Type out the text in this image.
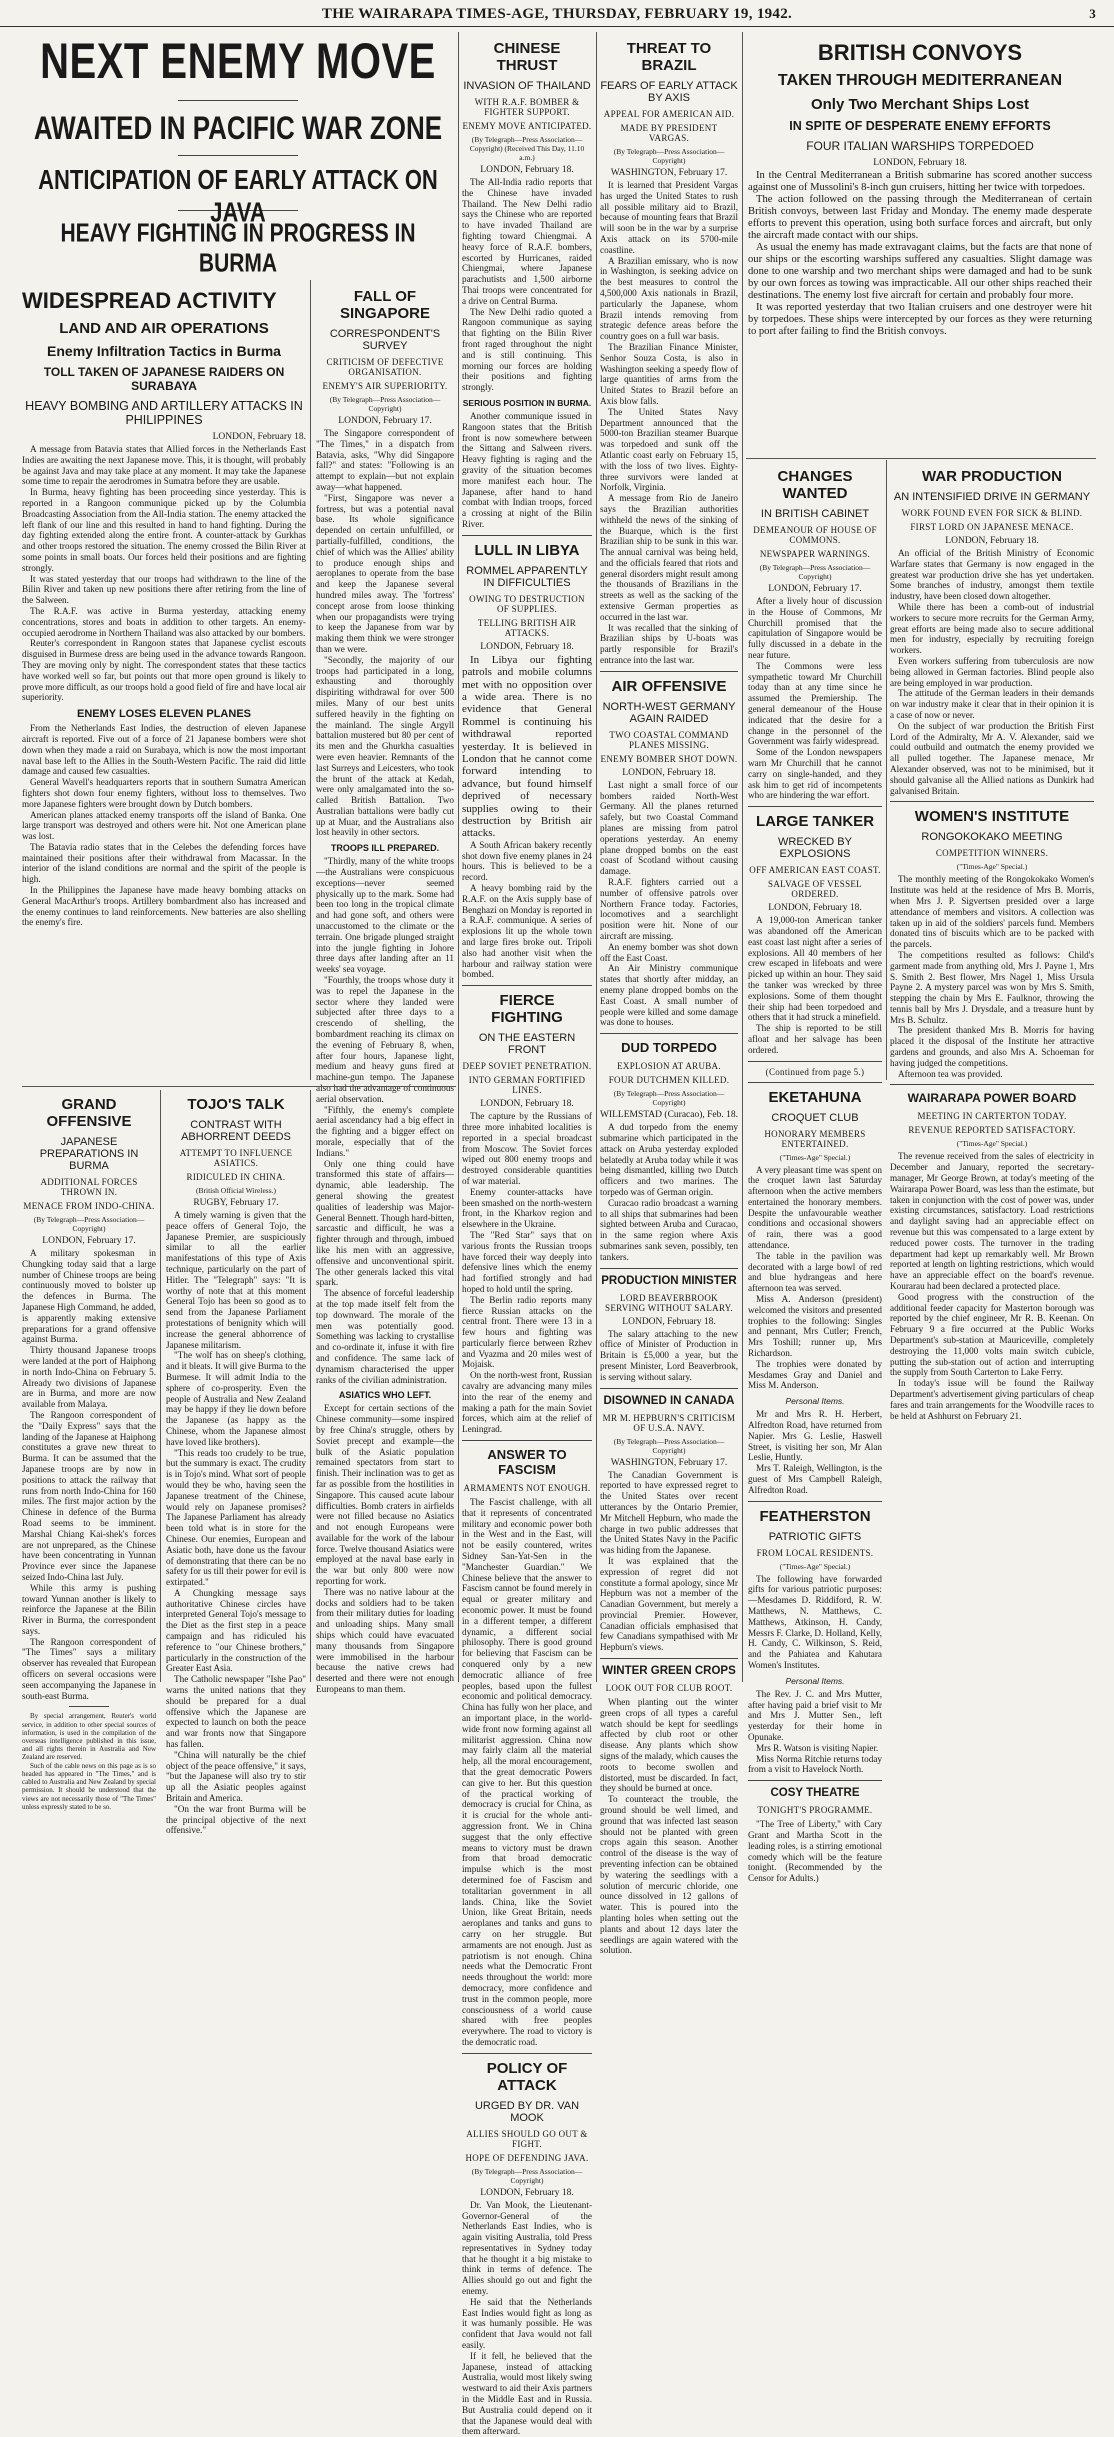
THE WAIRARAPA TIMES-AGE, THURSDAY, FEBRUARY 19, 1942.	3

NEXT ENEMY MOVE

AWAITED IN PACIFIC WAR ZONE

ANTICIPATION OF EARLY ATTACK ON JAVA

HEAVY FIGHTING IN PROGRESS IN BURMA

WIDESPREAD ACTIVITY

LAND AND AIR OPERATIONS

Enemy Infiltration Tactics in Burma

TOLL TAKEN OF JAPANESE RAIDERS ON SURABAYA

HEAVY BOMBING AND ARTILLERY ATTACKS IN PHILIPPINES

LONDON, February 18.

A message from Batavia states that Allied forces in the Netherlands East Indies are awaiting the next Japanese move. This, it is thought, will probably be against Java and may take place at any moment. It may take the Japanese some time to repair the aerodromes in Sumatra before they are usable.

In Burma, heavy fighting has been proceeding since yesterday. This is reported in a Rangoon communique picked up by the Columbia Broadcasting Association from the All-India station. The enemy attacked the left flank of our line and this resulted in hand to hand fighting. During the day fighting extended along the entire front. A counter-attack by Gurkhas and other troops restored the situation. The enemy crossed the Bilin River at some points in small boats. Our forces held their positions and are fighting strongly.

It was stated yesterday that our troops had withdrawn to the line of the Bilin River and taken up new positions there after retiring from the line of the Salween.

The R.A.F. was active in Burma yesterday, attacking enemy concentrations, stores and boats in addition to other targets. An enemy-occupied aerodrome in Northern Thailand was also attacked by our bombers.

Reuter's correspondent in Rangoon states that Japanese cyclist escouts disguised in Burmese dress are being used in the advance towards Rangoon. They are moving only by night. The correspondent states that these tactics have worked well so far, but points out that more open ground is likely to prove more difficult, as our troops hold a good field of fire and have local air superiority.

ENEMY LOSES ELEVEN PLANES

From the Netherlands East Indies, the destruction of eleven Japanese aircraft is reported. Five out of a force of 21 Japanese bombers were shot down when they made a raid on Surabaya, which is now the most important naval base left to the Allies in the South-Western Pacific. The raid did little damage and caused few casualties.

General Wavell's headquarters reports that in southern Sumatra American fighters shot down four enemy fighters, without loss to themselves. Two more Japanese fighters were brought down by Dutch bombers.

American planes attacked enemy transports off the island of Banka. One large transport was destroyed and others were hit. Not one American plane was lost.

The Batavia radio states that in the Celebes the defending forces have maintained their positions after their withdrawal from Macassar. In the interior of the island conditions are normal and the spirit of the people is high.

In the Philippines the Japanese have made heavy bombing attacks on General MacArthur's troops. Artillery bombardment also has increased and the enemy continues to land reinforcements. New batteries are also shelling the enemy's fire.

FALL OF SINGAPORE

CORRESPONDENT'S SURVEY

CRITICISM OF DEFECTIVE ORGANISATION.

ENEMY'S AIR SUPERIORITY.

(By Telegraph—Press Association—Copyright)

LONDON, February 17.

The Singapore correspondent of "The Times," in a dispatch from Batavia, asks, "Why did Singapore fall?" and states: "Following is an attempt to explain—but not explain away—what happened.

"First, Singapore was never a fortress, but was a potential naval base. Its whole significance depended on certain unfulfilled, or partially-fulfilled, conditions, the chief of which was the Allies' ability to produce enough ships and aeroplanes to operate from the base and keep the Japanese several hundred miles away. The 'fortress' concept arose from loose thinking when our propagandists were trying to keep the Japanese from war by making them think we were stronger than we were.

"Secondly, the majority of our troops had participated in a long, exhausting and thoroughly dispiriting withdrawal for over 500 miles. Many of our best units suffered heavily in the fighting on the mainland. The single Argyll battalion mustered but 80 per cent of its men and the Ghurkha casualties were even heavier. Remnants of the last Surreys and Leicesters, who took the brunt of the attack at Kedah, were only amalgamated into the so-called British Battalion. Two Australian battalions were badly cut up at Muar, and the Australians also lost heavily in other sectors.

TROOPS ILL PREPARED.

"Thirdly, many of the white troops—the Australians were conspicuous exceptions—never seemed physically up to the mark. Some had been too long in the tropical climate and had gone soft, and others were unaccustomed to the climate or the terrain. One brigade plunged straight into the jungle fighting in Johore three days after landing after an 11 weeks' sea voyage.

"Fourthly, the troops whose duty it was to repel the Japanese in the sector where they landed were subjected after three days to a crescendo of shelling, the bombardment reaching its climax on the evening of February 8, when, after four hours, Japanese light, medium and heavy guns fired at machine-gun tempo. The Japanese also had the advantage of continuous aerial observation.

"Fifthly, the enemy's complete aerial ascendancy had a big effect in the fighting and a bigger effect on morale, especially that of the Indians."

Only one thing could have transformed this state of affairs—dynamic, able leadership. The general showing the greatest qualities of leadership was Major-General Bennett. Though hard-bitten, sarcastic and difficult, he was a fighter through and through, imbued like his men with an aggressive, offensive and unconventional spirit. The other generals lacked this vital spark.

The absence of forceful leadership at the top made itself felt from the top downward. The morale of the men was potentially good. Something was lacking to crystallise and co-ordinate it, infuse it with fire and confidence. The same lack of dynamism characterised the upper ranks of the civilian administration.

ASIATICS WHO LEFT.

Except for certain sections of the Chinese community—some inspired by free China's struggle, others by Soviet precept and example—the bulk of the Asiatic population remained spectators from start to finish. Their inclination was to get as far as possible from the hostilities in Singapore. This caused acute labour difficulties. Bomb craters in airfields were not filled because no Asiatics and not enough Europeans were available for the work of the labour force. Twelve thousand Asiatics were employed at the naval base early in the war but only 800 were now reporting for work.

There was no native labour at the docks and soldiers had to be taken from their military duties for loading and unloading ships. Many small ships which could have evacuated many thousands from Singapore were immobilised in the harbour because the native crews had deserted and there were not enough Europeans to man them.

GRAND OFFENSIVE

JAPANESE PREPARATIONS IN BURMA

ADDITIONAL FORCES THROWN IN.

MENACE FROM INDO-CHINA.

(By Telegraph—Press Association—Copyright)

LONDON, February 17.

A military spokesman in Chungking today said that a large number of Chinese troops are being continuously moved to bolster up the defences in Burma. The Japanese High Command, he added, is apparently making extensive preparations for a grand offensive against Burma.

Thirty thousand Japanese troops were landed at the port of Haiphong in north Indo-China on February 5. Already two divisions of Japanese are in Burma, and more are now available from Malaya.

The Rangoon correspondent of the "Daily Express" says that the landing of the Japanese at Haiphong constitutes a grave new threat to Burma. It can be assumed that the Japanese troops are by now in positions to attack the railway that runs from north Indo-China for 160 miles. The first major action by the Chinese in defence of the Burma Road seems to be imminent. Marshal Chiang Kai-shek's forces are not unprepared, as the Chinese have been concentrating in Yunnan Province ever since the Japanese seized Indo-China last July.

While this army is pushing toward Yunnan another is likely to reinforce the Japanese at the Bilin River in Burma, the correspondent says.

The Rangoon correspondent of "The Times" says a military observer has revealed that European officers on several occasions were seen accompanying the Japanese in south-east Burma.

By special arrangement, Reuter's world service, in addition to other special sources of information, is used in the compilation of the overseas intelligence published in this issue, and all rights therein in Australia and New Zealand are reserved.

Such of the cable news on this page as is so headed has appeared in "The Times," and is cabled to Australia and New Zealand by special permission. It should be understood that the views are not necessarily those of "The Times" unless expressly stated to be so.

TOJO'S TALK

CONTRAST WITH ABHORRENT DEEDS

ATTEMPT TO INFLUENCE ASIATICS.

RIDICULED IN CHINA.

(British Official Wireless.)

RUGBY, February 17.

A timely warning is given that the peace offers of General Tojo, the Japanese Premier, are suspiciously similar to all the earlier manifestations of this type of Axis technique, particularly on the part of Hitler. The "Telegraph" says: "It is worthy of note that at this moment General Tojo has been so good as to send from the Japanese Parliament protestations of benignity which will increase the general abhorrence of Japanese militarism.

"The wolf has on sheep's clothing, and it bleats. It will give Burma to the Burmese. It will admit India to the sphere of co-prosperity. Even the people of Australia and New Zealand may be happy if they lie down before the Japanese (as happy as the Chinese, whom the Japanese almost have loved like brothers).

"This reads too crudely to be true, but the summary is exact. The crudity is in Tojo's mind. What sort of people would they be who, having seen the Japanese treatment of the Chinese, would rely on Japanese promises? The Japanese Parliament has already been told what is in store for the Chinese. Our enemies, European and Asiatic both, have done us the favour of demonstrating that there can be no safety for us till their power for evil is extirpated."

A Chungking message says authoritative Chinese circles have interpreted General Tojo's message to the Diet as the first step in a peace campaign and has ridiculed his reference to "our Chinese brothers," particularly in the construction of the Greater East Asia.

The Catholic newspaper "Ishe Pao" warns the united nations that they should be prepared for a dual offensive which the Japanese are expected to launch on both the peace and war fronts now that Singapore has fallen.

"China will naturally be the chief object of the peace offensive," it says, "but the Japanese will also try to stir up all the Asiatic peoples against Britain and America.

"On the war front Burma will be the principal objective of the next offensive."

CHINESE THRUST

INVASION OF THAILAND

WITH R.A.F. BOMBER & FIGHTER SUPPORT.

ENEMY MOVE ANTICIPATED.

(By Telegraph—Press Association—Copyright) (Received This Day, 11.10 a.m.)

LONDON, February 18.

The All-India radio reports that the Chinese have invaded Thailand. The New Delhi radio says the Chinese who are reported to have invaded Thailand are fighting toward Chiengmai. A heavy force of R.A.F. bombers, escorted by Hurricanes, raided Chiengmai, where Japanese parachutists and 1,500 airborne Thai troops were concentrated for a drive on Central Burma.

The New Delhi radio quoted a Rangoon communique as saying that fighting on the Bilin River front raged throughout the night and is still continuing. This morning our forces are holding their positions and fighting strongly.

SERIOUS POSITION IN BURMA.

Another communique issued in Rangoon states that the British front is now somewhere between the Sittang and Salween rivers. Heavy fighting is raging and the gravity of the situation becomes more manifest each hour. The Japanese, after hand to hand combat with Indian troops, forced a crossing at night of the Bilin River.

LULL IN LIBYA

ROMMEL APPARENTLY IN DIFFICULTIES

OWING TO DESTRUCTION OF SUPPLIES.

TELLING BRITISH AIR ATTACKS.

LONDON, February 18.

In Libya our fighting patrols and mobile columns met with no opposition over a wide area. There is no evidence that General Rommel is continuing his withdrawal reported yesterday. It is believed in London that he cannot come forward intending to advance, but found himself deprived of necessary supplies owing to their destruction by British air attacks.

A South African bakery recently shot down five enemy planes in 24 hours. This is believed to be a record.

A heavy bombing raid by the R.A.F. on the Axis supply base of Benghazi on Monday is reported in a R.A.F. communique. A series of explosions lit up the whole town and large fires broke out. Tripoli also had another visit when the harbour and railway station were bombed.

FIERCE FIGHTING

ON THE EASTERN FRONT

DEEP SOVIET PENETRATION.

INTO GERMAN FORTIFIED LINES.

LONDON, February 18.

The capture by the Russians of three more inhabited localities is reported in a special broadcast from Moscow. The Soviet forces wiped out 800 enemy troops and destroyed considerable quantities of war material.

Enemy counter-attacks have been smashed on the north-western front, in the Kharkov region and elsewhere in the Ukraine.

The "Red Star" says that on various fronts the Russian troops have forced their way deeply into defensive lines which the enemy had fortified strongly and had hoped to hold until the spring.

The Berlin radio reports many fierce Russian attacks on the central front. There were 13 in a few hours and fighting was particularly fierce between Rzhev and Vyazma and 20 miles west of Mojaisk.

On the north-west front, Russian cavalry are advancing many miles into the rear of the enemy and making a path for the main Soviet forces, which aim at the relief of Leningrad.

ANSWER TO FASCISM

ARMAMENTS NOT ENOUGH.

The Fascist challenge, with all that it represents of concentrated military and economic power both in the West and in the East, will not be easily countered, writes Sidney San-Yat-Sen in the "Manchester Guardian." We Chinese believe that the answer to Fascism cannot be found merely in equal or greater military and economic power. It must be found in a different temper, a different dynamic, a different social philosophy. There is good ground for believing that Fascism can be conquered only by a new democratic alliance of free peoples, based upon the fullest economic and political democracy. China has fully won her place, and an important place, in the world-wide front now forming against all militarist aggression. China now may fairly claim all the material help, all the moral encouragement, that the great democratic Powers can give to her. But this question of the practical working of democracy is crucial for China, as it is crucial for the whole anti-aggression front. We in China suggest that the only effective means to victory must be drawn from that broad democratic impulse which is the most determined foe of Fascism and totalitarian government in all lands. China, like the Soviet Union, like Great Britain, needs aeroplanes and tanks and guns to carry on her struggle. But armaments are not enough. Just as patriotism is not enough. China needs what the Democratic Front needs throughout the world: more democracy, more confidence and trust in the common people, more consciousness of a world cause shared with free peoples everywhere. The road to victory is the democratic road.

POLICY OF ATTACK

URGED BY DR. VAN MOOK

ALLIES SHOULD GO OUT & FIGHT.

HOPE OF DEFENDING JAVA.

(By Telegraph—Press Association—Copyright)

LONDON, February 18.

Dr. Van Mook, the Lieutenant-Governor-General of the Netherlands East Indies, who is again visiting Australia, told Press representatives in Sydney today that he thought it a big mistake to think in terms of defence. The Allies should go out and fight the enemy.

He said that the Netherlands East Indies would fight as long as it was humanly possible. He was confident that Java would not fall easily.

If it fell, he believed that the Japanese, instead of attacking Australia, would most likely swing westward to aid their Axis partners in the Middle East and in Russia. But Australia could depend on it that the Japanese would deal with them afterward.

THREAT TO BRAZIL

FEARS OF EARLY ATTACK BY AXIS

APPEAL FOR AMERICAN AID.

MADE BY PRESIDENT VARGAS.

(By Telegraph—Press Association—Copyright)

WASHINGTON, February 17.

It is learned that President Vargas has urged the United States to rush all possible military aid to Brazil, because of mounting fears that Brazil will soon be in the war by a surprise Axis attack on its 5700-mile coastline.

A Brazilian emissary, who is now in Washington, is seeking advice on the best measures to control the 4,500,000 Axis nationals in Brazil, particularly the Japanese, whom Brazil intends removing from strategic defence areas before the country goes on a full war basis.

The Brazilian Finance Minister, Senhor Souza Costa, is also in Washington seeking a speedy flow of large quantities of arms from the United States to Brazil before an Axis blow falls.

The United States Navy Department announced that the 5000-ton Brazilian steamer Buarque was torpedoed and sunk off the Atlantic coast early on February 15, with the loss of two lives. Eighty-three survivors were landed at Norfolk, Virginia.

A message from Rio de Janeiro says the Brazilian authorities withheld the news of the sinking of the Buarque, which is the first Brazilian ship to be sunk in this war. The annual carnival was being held, and the officials feared that riots and general disorders might result among the thousands of Brazilians in the streets as well as the sacking of the extensive German properties as occurred in the last war.

It was recalled that the sinking of Brazilian ships by U-boats was partly responsible for Brazil's entrance into the last war.

AIR OFFENSIVE

NORTH-WEST GERMANY AGAIN RAIDED

TWO COASTAL COMMAND PLANES MISSING.

ENEMY BOMBER SHOT DOWN.

LONDON, February 18.

Last night a small force of our bombers raided North-West Germany. All the planes returned safely, but two Coastal Command planes are missing from patrol operations yesterday. An enemy plane dropped bombs on the east coast of Scotland without causing damage.

R.A.F. fighters carried out a number of offensive patrols over Northern France today. Factories, locomotives and a searchlight position were hit. None of our aircraft are missing.

An enemy bomber was shot down off the East Coast.

An Air Ministry communique states that shortly after midday, an enemy plane dropped bombs on the East Coast. A small number of people were killed and some damage was done to houses.

DUD TORPEDO

EXPLOSION AT ARUBA.

FOUR DUTCHMEN KILLED.

(By Telegraph—Press Association—Copyright)

WILLEMSTAD (Curacao), Feb. 18.

A dud torpedo from the enemy submarine which participated in the attack on Aruba yesterday exploded belatedly at Aruba today while it was being dismantled, killing two Dutch officers and two marines. The torpedo was of German origin.

Curacao radio broadcast a warning to all ships that submarines had been sighted between Aruba and Curacao, in the same region where Axis submarines sank seven, possibly, ten tankers.

PRODUCTION MINISTER

LORD BEAVERBROOK SERVING WITHOUT SALARY.

LONDON, February 18.

The salary attaching to the new office of Minister of Production in Britain is £5,000 a year, but the present Minister, Lord Beaverbrook, is serving without salary.

DISOWNED IN CANADA

MR M. HEPBURN'S CRITICISM OF U.S.A. NAVY.

(By Telegraph—Press Association—Copyright)

WASHINGTON, February 17.

The Canadian Government is reported to have expressed regret to the United States over recent utterances by the Ontario Premier, Mr Mitchell Hepburn, who made the charge in two public addresses that the United States Navy in the Pacific was hiding from the Japanese.

It was explained that the expression of regret did not constitute a formal apology, since Mr Hepburn was not a member of the Canadian Government, but merely a provincial Premier. However, Canadian officials emphasised that few Canadians sympathised with Mr Hepburn's views.

WINTER GREEN CROPS

LOOK OUT FOR CLUB ROOT.

When planting out the winter green crops of all types a careful watch should be kept for seedlings affected by club root or other disease. Any plants which show signs of the malady, which causes the roots to become swollen and distorted, must be discarded. In fact, they should be burned at once.

To counteract the trouble, the ground should be well limed, and ground that was infected last season should not be planted with green crops again this season. Another control of the disease is the way of preventing infection can be obtained by watering the seedlings with a solution of mercuric chloride, one ounce dissolved in 12 gallons of water. This is poured into the planting holes when setting out the plants and about 12 days later the seedlings are again watered with the solution.

BRITISH CONVOYS

TAKEN THROUGH MEDITERRANEAN

Only Two Merchant Ships Lost

IN SPITE OF DESPERATE ENEMY EFFORTS

FOUR ITALIAN WARSHIPS TORPEDOED

LONDON, February 18.

In the Central Mediterranean a British submarine has scored another success against one of Mussolini's 8-inch gun cruisers, hitting her twice with torpedoes.

The action followed on the passing through the Mediterranean of certain British convoys, between last Friday and Monday. The enemy made desperate efforts to prevent this operation, using both surface forces and aircraft, but only the aircraft made contact with our ships.

As usual the enemy has made extravagant claims, but the facts are that none of our ships or the escorting warships suffered any casualties. Slight damage was done to one warship and two merchant ships were damaged and had to be sunk by our own forces as towing was impracticable. All our other ships reached their destinations. The enemy lost five aircraft for certain and probably four more.

It was reported yesterday that two Italian cruisers and one destroyer were hit by torpedoes. These ships were intercepted by our forces as they were returning to port after failing to find the British convoys.

CHANGES WANTED

IN BRITISH CABINET

DEMEANOUR OF HOUSE OF COMMONS.

NEWSPAPER WARNINGS.

(By Telegraph—Press Association—Copyright)

LONDON, February 17.

After a lively hour of discussion in the House of Commons, Mr Churchill promised that the capitulation of Singapore would be fully discussed in a debate in the near future.

The Commons were less sympathetic toward Mr Churchill today than at any time since he assumed the Premiership. The general demeanour of the House indicated that the desire for a change in the personnel of the Government was fairly widespread.

Some of the London newspapers warn Mr Churchill that he cannot carry on single-handed, and they ask him to get rid of incompetents who are hindering the war effort.

LARGE TANKER

WRECKED BY EXPLOSIONS

OFF AMERICAN EAST COAST.

SALVAGE OF VESSEL ORDERED.

LONDON, February 18.

A 19,000-ton American tanker was abandoned off the American east coast last night after a series of explosions. All 40 members of her crew escaped in lifeboats and were picked up within an hour. They said the tanker was wrecked by three explosions. Some of them thought their ship had been torpedoed and others that it had struck a minefield.

The ship is reported to be still afloat and her salvage has been ordered.

(Continued from page 5.)

EKETAHUNA

CROQUET CLUB

HONORARY MEMBERS ENTERTAINED.

("Times-Age" Special.)

A very pleasant time was spent on the croquet lawn last Saturday afternoon when the active members entertained the honorary members. Despite the unfavourable weather conditions and occasional showers of rain, there was a good attendance.

The table in the pavilion was decorated with a large bowl of red and blue hydrangeas and here afternoon tea was served.

Miss A. Anderson (president) welcomed the visitors and presented trophies to the following: Singles and pennant, Mrs Cutler; French, Mrs Toshill; runner up, Mrs Richardson.

The trophies were donated by Mesdames Gray and Daniel and Miss M. Anderson.

Personal Items.

Mr and Mrs R. H. Herbert, Alfredton Road, have returned from Napier. Mrs G. Leslie, Haswell Street, is visiting her son, Mr Alan Leslie, Huntly.

Mrs T. Raleigh, Wellington, is the guest of Mrs Campbell Raleigh, Alfredton Road.

FEATHERSTON

PATRIOTIC GIFTS

FROM LOCAL RESIDENTS.

("Times-Age" Special.)

The following have forwarded gifts for various patriotic purposes:—Mesdames D. Riddiford, R. W. Matthews, N. Matthews, C. Matthews, Atkinson, H. Candy, Messrs F. Clarke, D. Holland, Kelly, H. Candy, C. Wilkinson, S. Reid, and the Pahiatea and Kahutara Women's Institutes.

Personal Items.

The Rev. J. C. and Mrs Mutter, after having paid a brief visit to Mr and Mrs J. Mutter Sen., left yesterday for their home in Opunake.

Mrs R. Watson is visiting Napier.

Miss Norma Ritchie returns today from a visit to Havelock North.

COSY THEATRE

TONIGHT'S PROGRAMME.

"The Tree of Liberty," with Cary Grant and Martha Scott in the leading roles, is a stirring emotional comedy which will be the feature tonight. (Recommended by the Censor for Adults.)

WAR PRODUCTION

AN INTENSIFIED DRIVE IN GERMANY

WORK FOUND EVEN FOR SICK & BLIND.

FIRST LORD ON JAPANESE MENACE.

LONDON, February 18.

An official of the British Ministry of Economic Warfare states that Germany is now engaged in the greatest war production drive she has yet undertaken. Some branches of industry, amongst them textile industry, have been closed down altogether.

While there has been a comb-out of industrial workers to secure more recruits for the German Army, great efforts are being made also to secure additional men for industry, especially by recruiting foreign workers.

Even workers suffering from tuberculosis are now being allowed in German factories. Blind people also are being employed in war production.

The attitude of the German leaders in their demands on war industry make it clear that in their opinion it is a case of now or never.

On the subject of war production the British First Lord of the Admiralty, Mr A. V. Alexander, said we could outbuild and outmatch the enemy provided we all pulled together. The Japanese menace, Mr Alexander observed, was not to be minimised, but it should galvanise all the Allied nations as Dunkirk had galvanised Britain.

WOMEN'S INSTITUTE

RONGOKOKAKO MEETING

COMPETITION WINNERS.

("Times-Age" Special.)

The monthly meeting of the Rongokokako Women's Institute was held at the residence of Mrs B. Morris, when Mrs J. P. Sigvertsen presided over a large attendance of members and visitors. A collection was taken up in aid of the soldiers' parcels fund. Members donated tins of biscuits which are to be packed with the parcels.

The competitions resulted as follows: Child's garment made from anything old, Mrs J. Payne 1, Mrs S. Smith 2. Best flower, Mrs Nagel 1, Miss Ursula Payne 2. A mystery parcel was won by Mrs S. Smith, stepping the chain by Mrs E. Faulknor, throwing the tennis ball by Mrs J. Drysdale, and a treasure hunt by Mrs B. Schultz.

The president thanked Mrs B. Morris for having placed it the disposal of the Institute her attractive gardens and grounds, and also Mrs A. Schoeman for having judged the competitions.

Afternoon tea was provided.

WAIRARAPA POWER BOARD

MEETING IN CARTERTON TODAY.

REVENUE REPORTED SATISFACTORY.

("Times-Age" Special.)

The revenue received from the sales of electricity in December and January, reported the secretary-manager, Mr George Brown, at today's meeting of the Wairarapa Power Board, was less than the estimate, but taken in conjunction with the cost of power was, under existing circumstances, satisfactory. Load restrictions and daylight saving had an appreciable effect on revenue but this was compensated to a large extent by reduced power costs. The turnover in the trading department had kept up remarkably well. Mr Brown reported at length on lighting restrictions, which would have an appreciable effect on the board's revenue. Kourarau had been declared a protected place.

Good progress with the construction of the additional feeder capacity for Masterton borough was reported by the chief engineer, Mr R. B. Keenan. On February 9 a fire occurred at the Public Works Department's sub-station at Mauriceville, completely destroying the 11,000 volts main switch cubicle, putting the sub-station out of action and interrupting the supply from South Carterton to Lake Ferry.

In today's issue will be found the Railway Department's advertisement giving particulars of cheap fares and train arrangements for the Woodville races to be held at Ashhurst on February 21.
